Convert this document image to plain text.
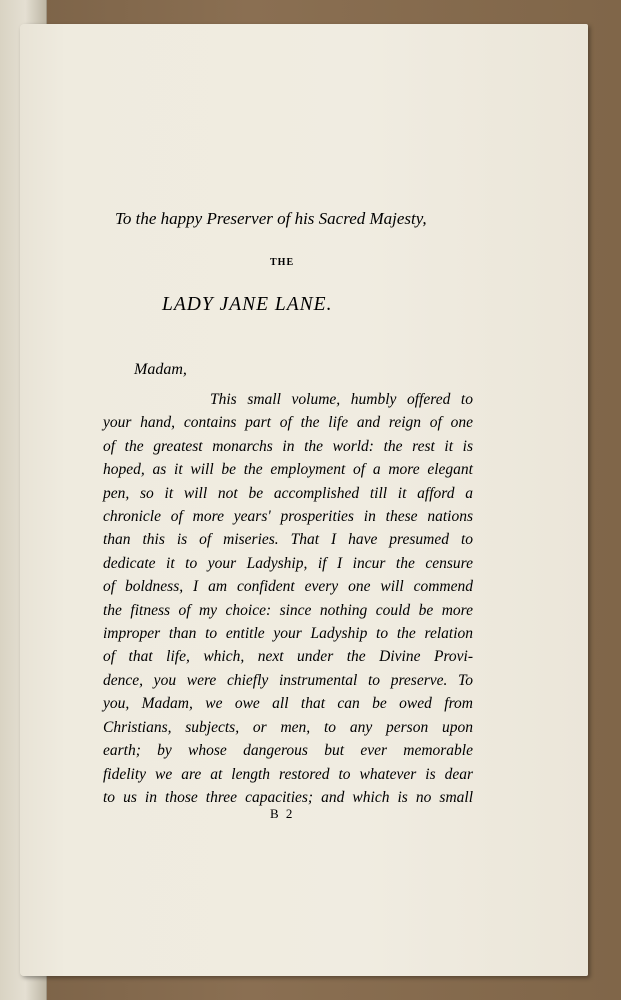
To the happy Preserver of his Sacred Majesty,
THE
LADY JANE LANE.
Madam,
This small volume, humbly offered to
your hand, contains part of the life and reign of one
of the greatest monarchs in the world: the rest it is
hoped, as it will be the employment of a more elegant
pen, so it will not be accomplished till it afford a
chronicle of more years' prosperities in these nations
than this is of miseries. That I have presumed to
dedicate it to your Ladyship, if I incur the censure
of boldness, I am confident every one will commend
the fitness of my choice: since nothing could be more
improper than to entitle your Ladyship to the relation
of that life, which, next under the Divine Provi-
dence, you were chiefly instrumental to preserve. To
you, Madam, we owe all that can be owed from
Christians, subjects, or men, to any person upon
earth; by whose dangerous but ever memorable
fidelity we are at length restored to whatever is dear
to us in those three capacities; and which is no small
B 2
